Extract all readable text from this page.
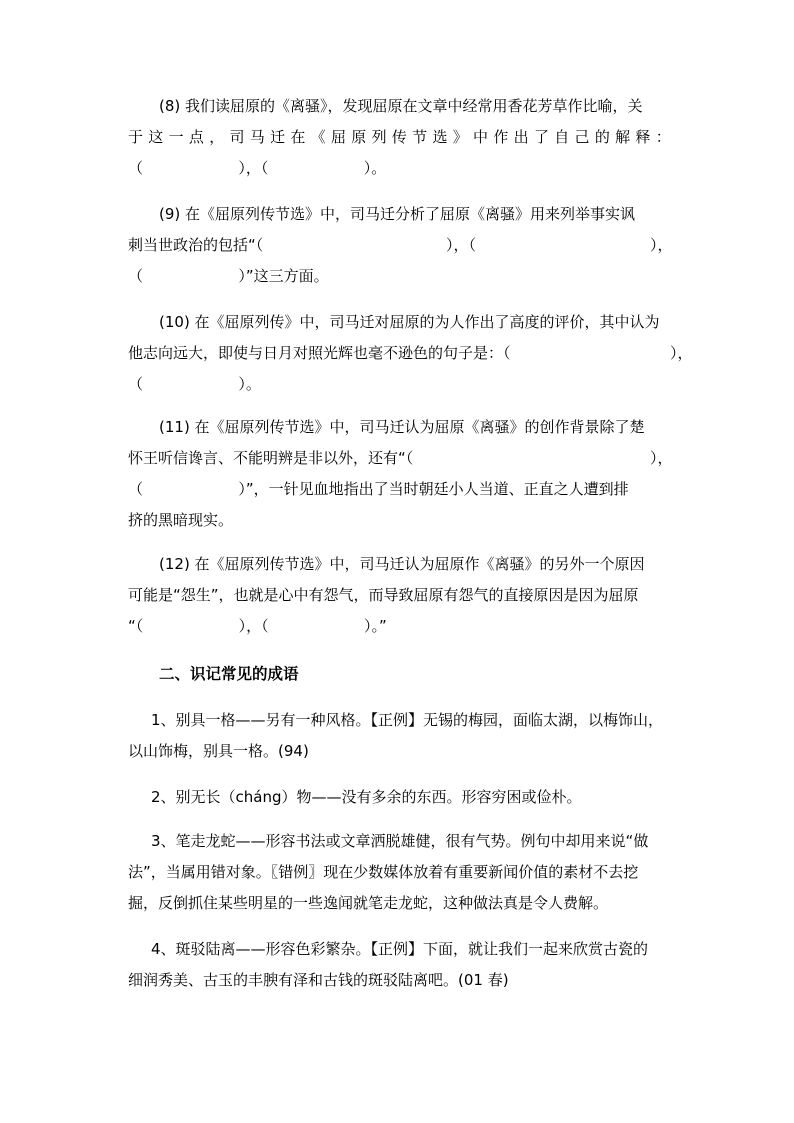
(8) 我们读屈原的《离骚》，发现屈原在文章中经常用香花芳草作比喻，关
于 这 一 点 ， 司 马 迁 在 《 屈 原 列 传 节 选 》 中 作 出 了 自 己 的 解 释 ：
（                    ），（                    ）。
(9) 在《屈原列传节选》中，司马迁分析了屈原《离骚》用来列举事实讽
刺当世政治的包括“（	），（	），
（                    ）”这三方面。
(10) 在《屈原列传》中，司马迁对屈原的为人作出了高度的评价，其中认为
他志向远大，即使与日月对照光辉也毫不逊色的句子是：（	），
（                    ）。
(11) 在《屈原列传节选》中，司马迁认为屈原《离骚》的创作背景除了楚
怀王听信谗言、不能明辨是非以外，还有“（	），
（                    ）”，一针见血地指出了当时朝廷小人当道、正直之人遭到排
挤的黑暗现实。
(12) 在《屈原列传节选》中，司马迁认为屈原作《离骚》的另外一个原因
可能是“怨生”，也就是心中有怨气，而导致屈原有怨气的直接原因是因为屈原
“（                    ），（                    ）。”
二、识记常见的成语
1、别具一格——另有一种风格。【正例】无锡的梅园，面临太湖，以梅饰山，
以山饰梅，别具一格。(94)
2、别无长（cháng）物——没有多余的东西。形容穷困或俭朴。
3、笔走龙蛇——形容书法或文章洒脱雄健，很有气势。例句中却用来说“做
法”，当属用错对象。〖错例〗现在少数媒体放着有重要新闻价值的素材不去挖
掘，反倒抓住某些明星的一些逸闻就笔走龙蛇，这种做法真是令人费解。
4、斑驳陆离——形容色彩繁杂。【正例】下面，就让我们一起来欣赏古瓷的
细润秀美、古玉的丰腴有泽和古钱的斑驳陆离吧。(01 春)
